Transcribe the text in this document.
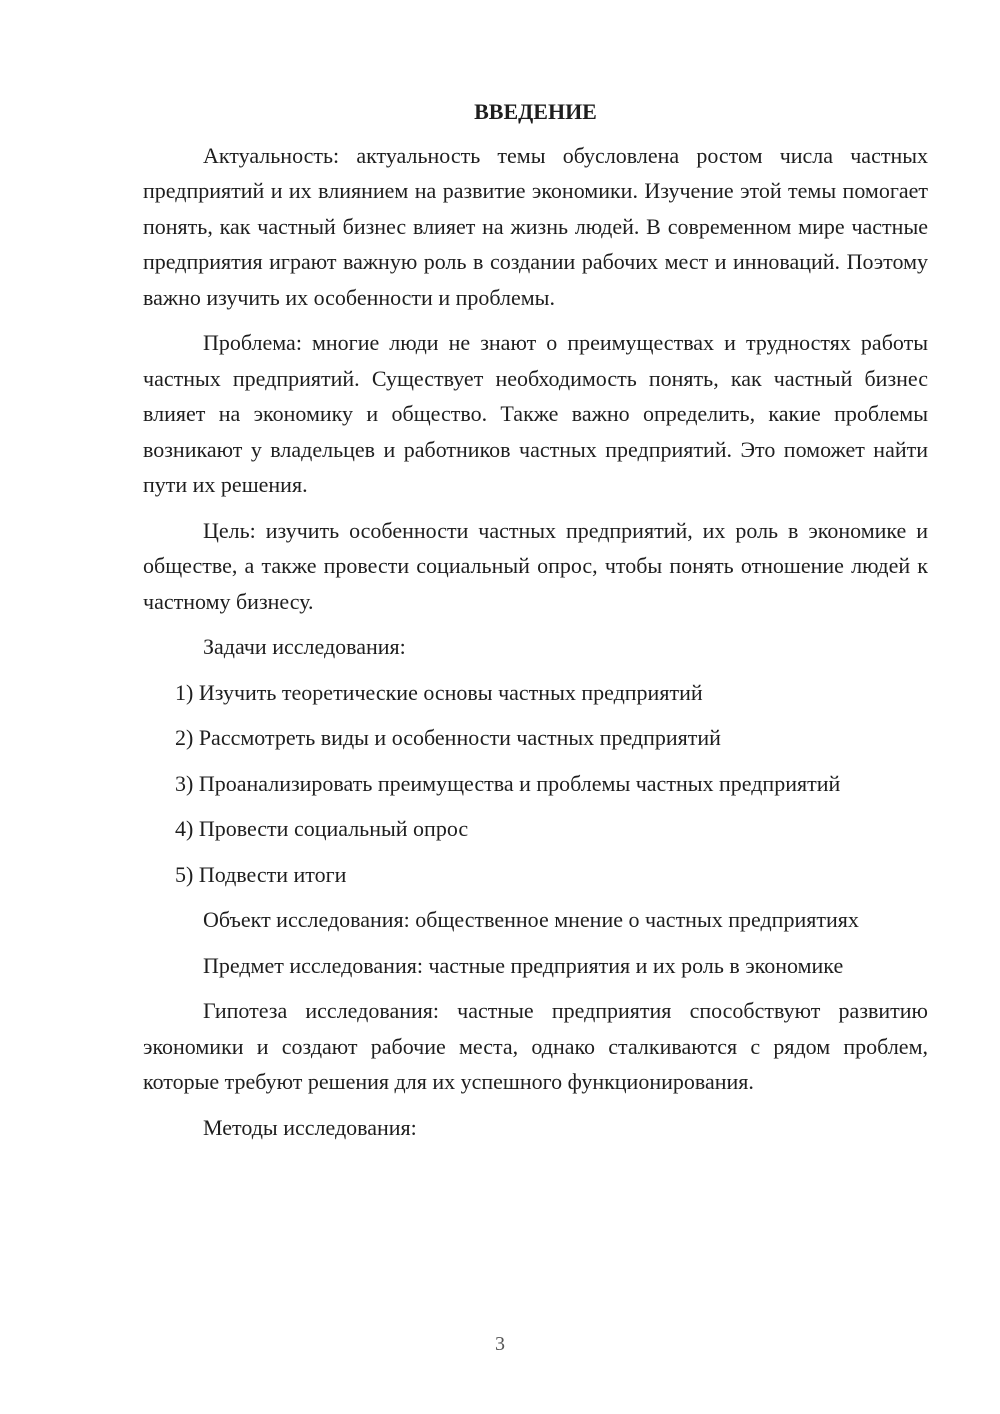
ВВЕДЕНИЕ

Актуальность: актуальность темы обусловлена ростом числа частных предприятий и их влиянием на развитие экономики. Изучение этой темы помогает понять, как частный бизнес влияет на жизнь людей. В современном мире частные предприятия играют важную роль в создании рабочих мест и инноваций. Поэтому важно изучить их особенности и проблемы.

Проблема: многие люди не знают о преимуществах и трудностях работы частных предприятий. Существует необходимость понять, как частный бизнес влияет на экономику и общество. Также важно определить, какие проблемы возникают у владельцев и работников частных предприятий. Это поможет найти пути их решения.

Цель: изучить особенности частных предприятий, их роль в экономике и обществе, а также провести социальный опрос, чтобы понять отношение людей к частному бизнесу.

Задачи исследования:

1) Изучить теоретические основы частных предприятий

2) Рассмотреть виды и особенности частных предприятий

3) Проанализировать преимущества и проблемы частных предприятий

4) Провести социальный опрос

5) Подвести итоги

Объект исследования: общественное мнение о частных предприятиях

Предмет исследования: частные предприятия и их роль в экономике

Гипотеза исследования: частные предприятия способствуют развитию экономики и создают рабочие места, однако сталкиваются с рядом проблем, которые требуют решения для их успешного функционирования.

Методы исследования:

3
